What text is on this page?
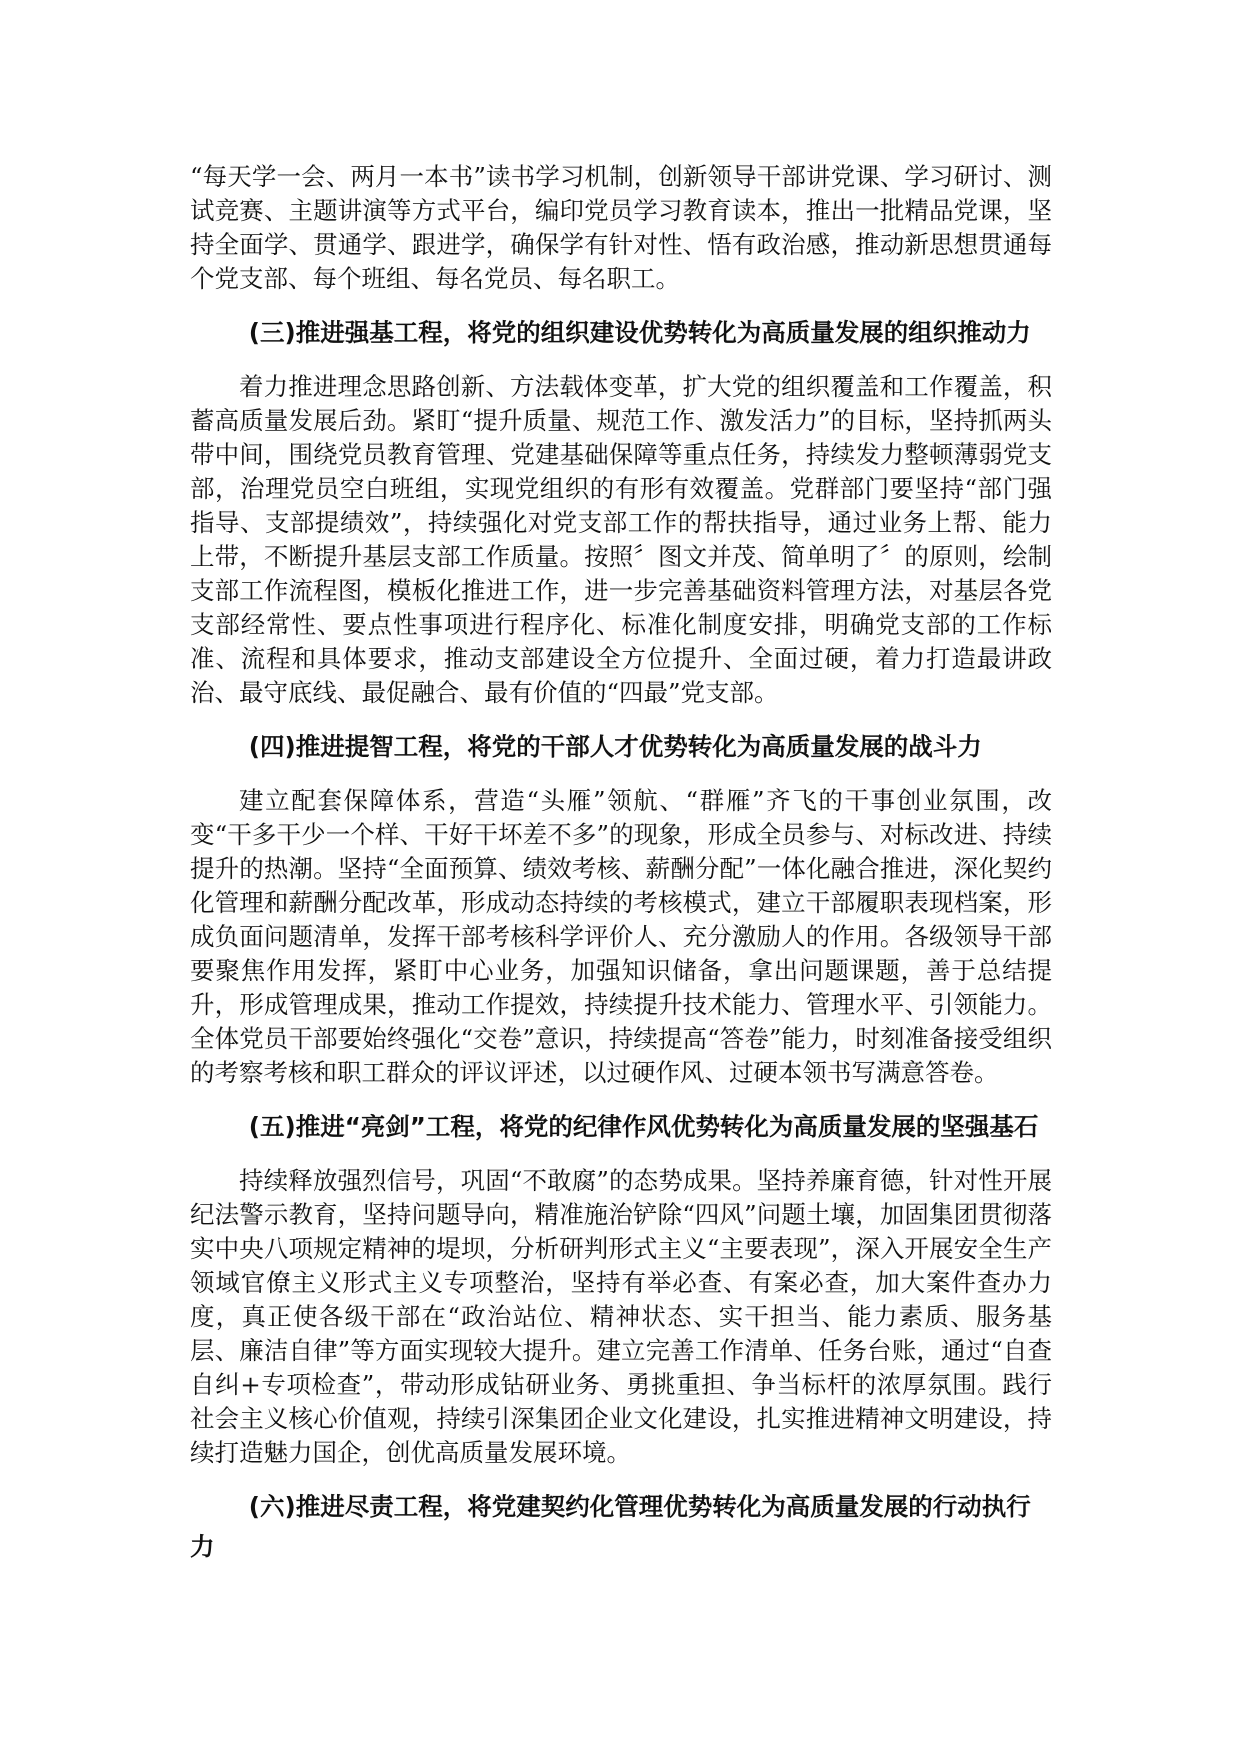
“每天学一会、两月一本书”读书学习机制，创新领导干部讲党课、学习研讨、测试竞赛、主题讲演等方式平台，编印党员学习教育读本，推出一批精品党课，坚持全面学、贯通学、跟进学，确保学有针对性、悟有政治感，推动新思想贯通每个党支部、每个班组、每名党员、每名职工。

(三)推进强基工程，将党的组织建设优势转化为高质量发展的组织推动力

着力推进理念思路创新、方法载体变革，扩大党的组织覆盖和工作覆盖，积蓄高质量发展后劲。紧盯“提升质量、规范工作、激发活力”的目标，坚持抓两头带中间，围绕党员教育管理、党建基础保障等重点任务，持续发力整顿薄弱党支部，治理党员空白班组，实现党组织的有形有效覆盖。党群部门要坚持“部门强指导、支部提绩效”，持续强化对党支部工作的帮扶指导，通过业务上帮、能力上带，不断提升基层支部工作质量。按照〞图文并茂、简单明了〞的原则，绘制支部工作流程图，模板化推进工作，进一步完善基础资料管理方法，对基层各党支部经常性、要点性事项进行程序化、标准化制度安排，明确党支部的工作标准、流程和具体要求，推动支部建设全方位提升、全面过硬，着力打造最讲政治、最守底线、最促融合、最有价值的“四最”党支部。

(四)推进提智工程，将党的干部人才优势转化为高质量发展的战斗力

建立配套保障体系，营造“头雁”领航、“群雁”齐飞的干事创业氛围，改变“干多干少一个样、干好干坏差不多”的现象，形成全员参与、对标改进、持续提升的热潮。坚持“全面预算、绩效考核、薪酬分配”一体化融合推进，深化契约化管理和薪酬分配改革，形成动态持续的考核模式，建立干部履职表现档案，形成负面问题清单，发挥干部考核科学评价人、充分激励人的作用。各级领导干部要聚焦作用发挥，紧盯中心业务，加强知识储备，拿出问题课题，善于总结提升，形成管理成果，推动工作提效，持续提升技术能力、管理水平、引领能力。全体党员干部要始终强化“交卷”意识，持续提高“答卷”能力，时刻准备接受组织的考察考核和职工群众的评议评述，以过硬作风、过硬本领书写满意答卷。

(五)推进“亮剑”工程，将党的纪律作风优势转化为高质量发展的坚强基石

持续释放强烈信号，巩固“不敢腐”的态势成果。坚持养廉育德，针对性开展纪法警示教育，坚持问题导向，精准施治铲除“四风”问题土壤，加固集团贯彻落实中央八项规定精神的堤坝，分析研判形式主义“主要表现”，深入开展安全生产领域官僚主义形式主义专项整治，坚持有举必查、有案必查，加大案件查办力度，真正使各级干部在“政治站位、精神状态、实干担当、能力素质、服务基层、廉洁自律”等方面实现较大提升。建立完善工作清单、任务台账，通过“自查自纠+专项检查”，带动形成钻研业务、勇挑重担、争当标杆的浓厚氛围。践行社会主义核心价值观，持续引深集团企业文化建设，扎实推进精神文明建设，持续打造魅力国企，创优高质量发展环境。

(六)推进尽责工程，将党建契约化管理优势转化为高质量发展的行动执行力
